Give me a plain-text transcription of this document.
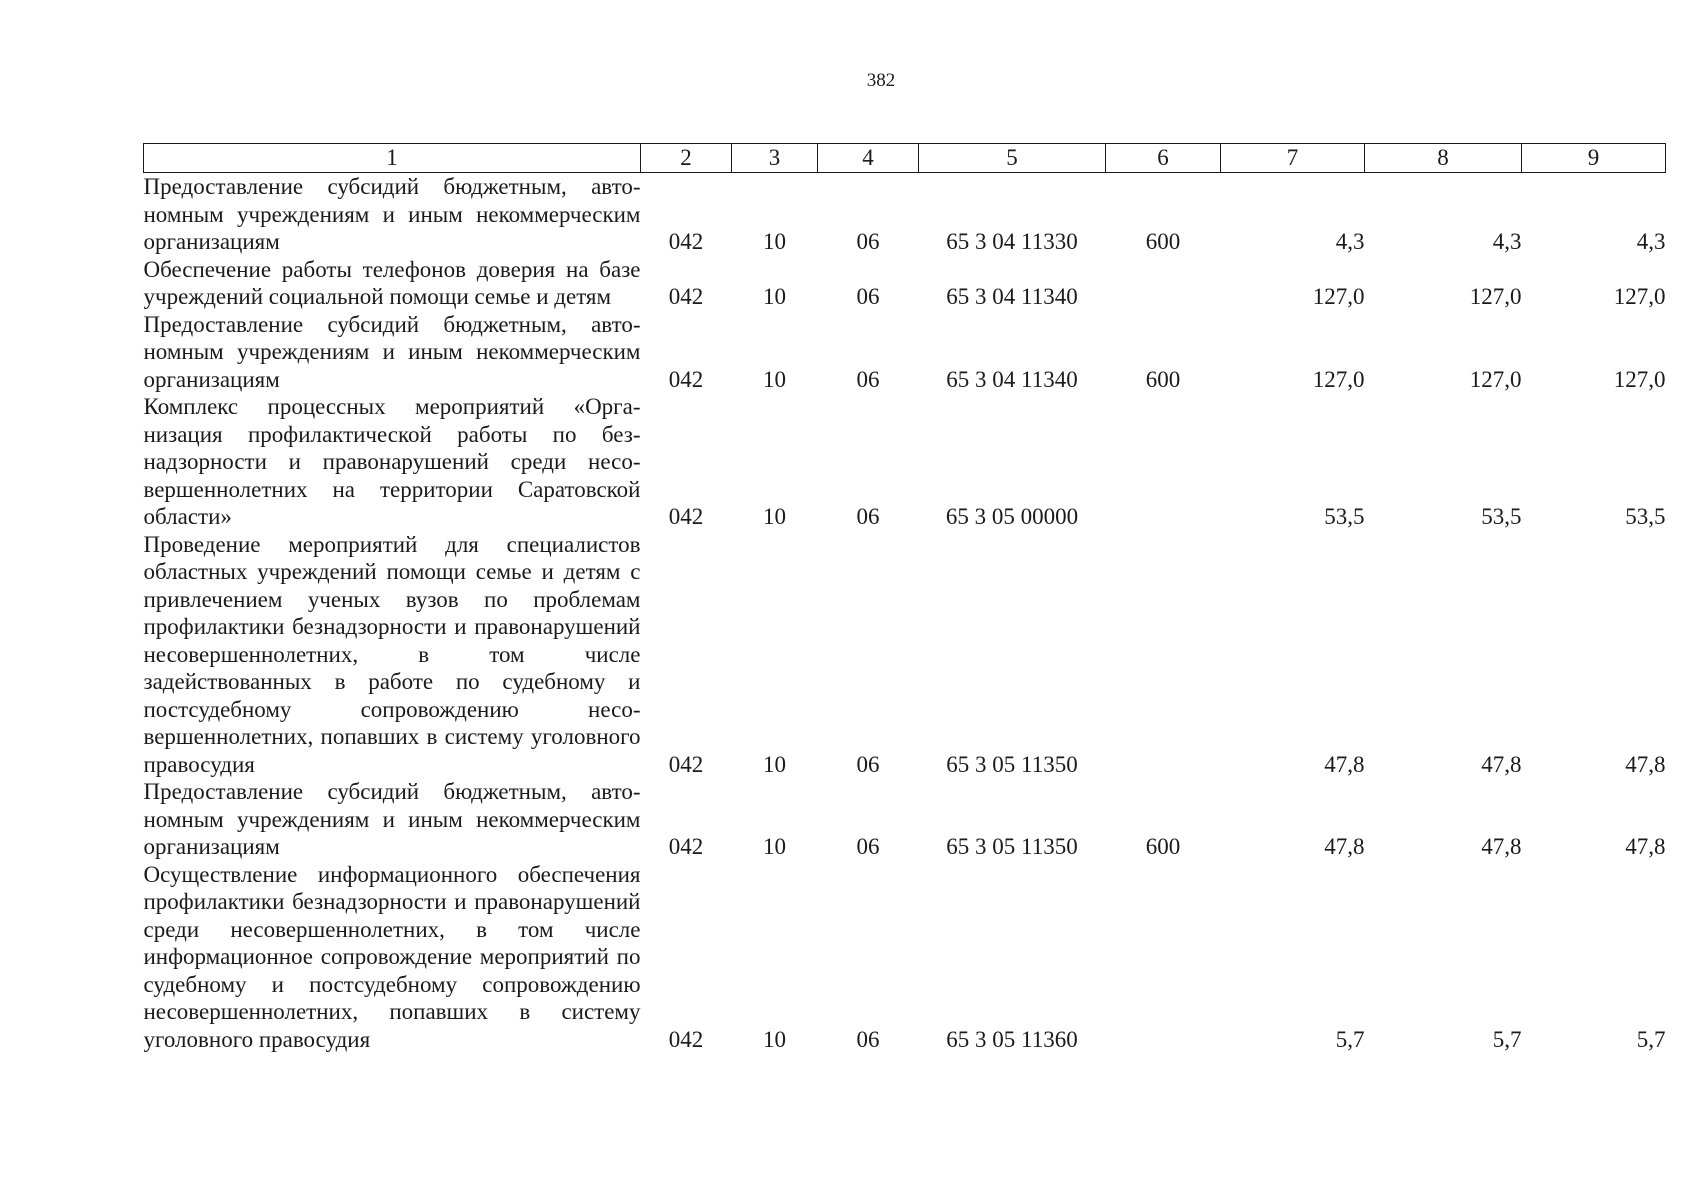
382
1	2	3	4	5	6	7	8	9
Предоставление субсидий бюджетным, автономным учреждениям и иным некоммерческим организациям	042	10	06	65 3 04 11330	600	4,3	4,3	4,3
Обеспечение работы телефонов доверия на базе учреждений социальной помощи семье и детям	042	10	06	65 3 04 11340		127,0	127,0	127,0
Предоставление субсидий бюджетным, автономным учреждениям и иным некоммерческим организациям	042	10	06	65 3 04 11340	600	127,0	127,0	127,0
Комплекс процессных мероприятий «Организация профилактической работы по безнадзорности и правонарушений среди несовершеннолетних на территории Саратовской области»	042	10	06	65 3 05 00000		53,5	53,5	53,5
Проведение мероприятий для специалистов областных учреждений помощи семье и детям с привлечением ученых вузов по проблемам профилактики безнадзорности и правонарушений несовершеннолетних, в том числе задействованных в работе по судебному и постсудебному сопровождению несовершеннолетних, попавших в систему уголовного правосудия	042	10	06	65 3 05 11350		47,8	47,8	47,8
Предоставление субсидий бюджетным, автономным учреждениям и иным некоммерческим организациям	042	10	06	65 3 05 11350	600	47,8	47,8	47,8
Осуществление информационного обеспечения профилактики безнадзорности и правонарушений среди несовершеннолетних, в том числе информационное сопровождение мероприятий по судебному и постсудебному сопровождению несовершеннолетних, попавших в систему уголовного правосудия	042	10	06	65 3 05 11360		5,7	5,7	5,7
